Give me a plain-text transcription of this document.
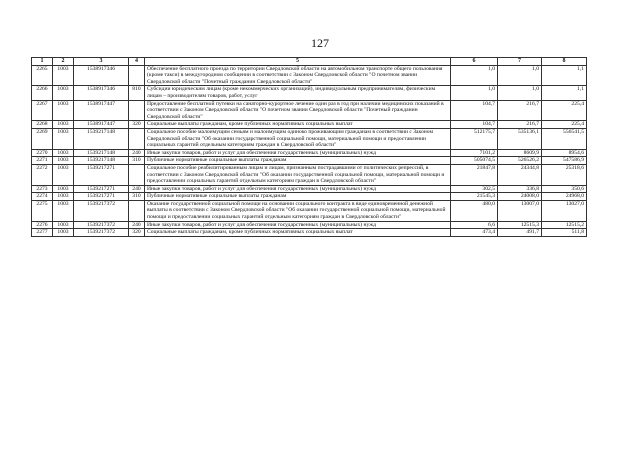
127
1	2	3	4	5	6	7	8
2265	1003	1538917346		Обеспечение бесплатного проезда по территории Свердловской области на автомобильном транспорте общего пользования (кроме такси) в междугородном сообщении в соответствии с Законом Свердловской области "О почетном звании Свердловской области "Почетный гражданин Свердловской области"	1,0	1,0	1,1
2266	1003	1538917346	810	Субсидии юридическим лицам (кроме некоммерческих организаций), индивидуальным предпринимателям, физическим лицам – производителям товаров, работ, услуг	1,0	1,0	1,1
2267	1003	1538917447		Предоставление бесплатной путевки на санаторно-курортное лечение один раз в год при наличии медицинских показаний в соответствии с Законом Свердловской области "О почетном звании Свердловской области "Почетный гражданин Свердловской области"	104,7	216,7	225,4
2268	1003	1538917447	320	Социальные выплаты гражданам, кроме публичных нормативных социальных выплат	104,7	216,7	225,4
2269	1003	1539217148		Социальное пособие малоимущим семьям и малоимущим одиноко проживающим гражданам в соответствии с Законом Свердловской области "Об оказании государственной социальной помощи, материальной помощи и предоставлении социальных гарантий отдельным категориям граждан в Свердловской области"	512175,7	535136,1	556541,5
2270	1003	1539217148	240	Иные закупки товаров, работ и услуг для обеспечения государственных (муниципальных) нужд	7101,2	8609,9	8954,6
2271	1003	1539217148	310	Публичные нормативные социальные выплаты гражданам	505074,5	526526,2	547586,9
2272	1003	1539217271		Социальное пособие реабилитированным лицам и лицам, признанным пострадавшими от политических репрессий, в соответствии с Законом Свердловской области "Об оказании государственной социальной помощи, материальной помощи и предоставлении социальных гарантий отдельным категориям граждан в Свердловской области"	21847,8	24344,8	25318,6
2273	1003	1539217271	240	Иные закупки товаров, работ и услуг для обеспечения государственных (муниципальных) нужд	302,5	336,8	350,6
2274	1003	1539217271	310	Публичные нормативные социальные выплаты гражданам	21545,3	24008,0	24968,0
2275	1003	1539217372		Оказание государственной социальной помощи на основании социального контракта в виде единовременной денежной выплаты в соответствии с Законом Свердловской области "Об оказании государственной социальной помощи, материальной помощи и предоставлении социальных гарантий отдельным категориям граждан в Свердловской области"	480,0	13007,0	13027,0
2276	1003	1539217372	240	Иные закупки товаров, работ и услуг для обеспечения государственных (муниципальных) нужд	6,6	12515,3	12515,2
2277	1003	1539217372	320	Социальные выплаты гражданам, кроме публичных нормативных социальных выплат	473,4	491,7	511,8
